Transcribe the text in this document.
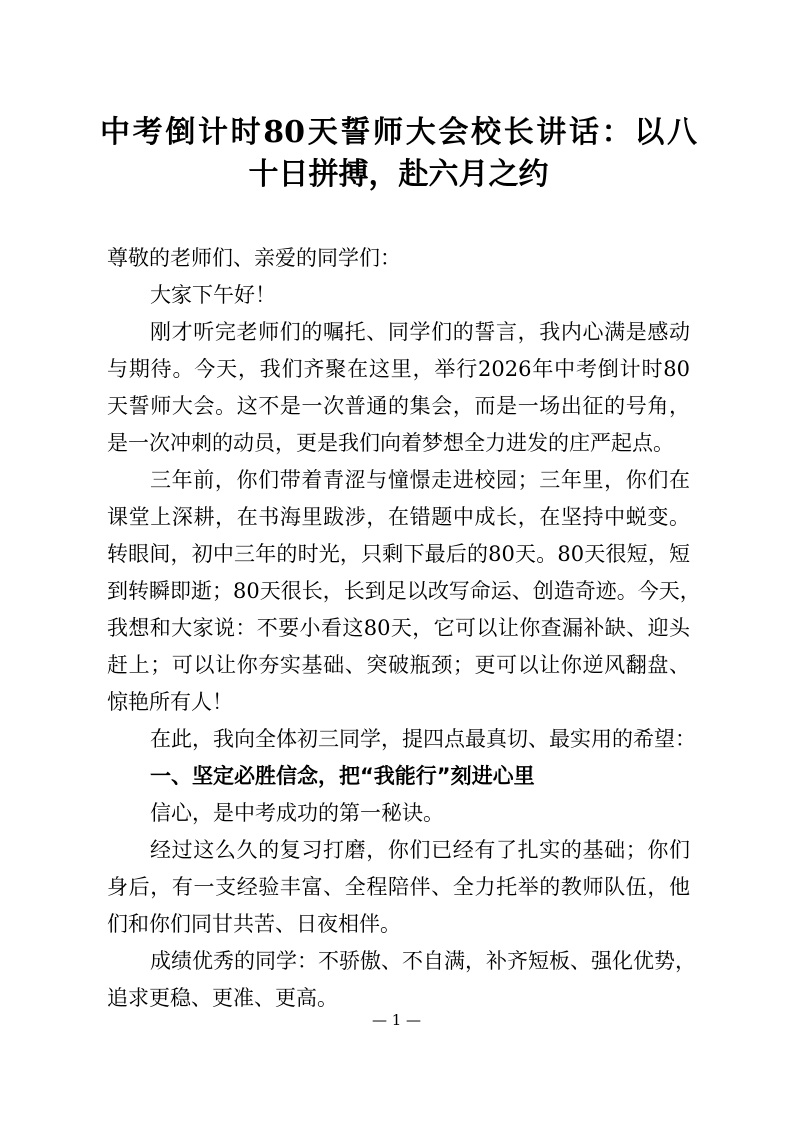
中考倒计时80天誓师大会校长讲话：以八
十日拼搏，赴六月之约
尊敬的老师们、亲爱的同学们：
大家下午好！
刚才听完老师们的嘱托、同学们的誓言，我内心满是感动
与期待。今天，我们齐聚在这里，举行2026年中考倒计时80
天誓师大会。这不是一次普通的集会，而是一场出征的号角，
是一次冲刺的动员，更是我们向着梦想全力进发的庄严起点。
三年前，你们带着青涩与憧憬走进校园；三年里，你们在
课堂上深耕，在书海里跋涉，在错题中成长，在坚持中蜕变。
转眼间，初中三年的时光，只剩下最后的80天。80天很短，短
到转瞬即逝；80天很长，长到足以改写命运、创造奇迹。今天，
我想和大家说：不要小看这80天，它可以让你查漏补缺、迎头
赶上；可以让你夯实基础、突破瓶颈；更可以让你逆风翻盘、
惊艳所有人！
在此，我向全体初三同学，提四点最真切、最实用的希望：
一、坚定必胜信念，把“我能行”刻进心里
信心，是中考成功的第一秘诀。
经过这么久的复习打磨，你们已经有了扎实的基础；你们
身后，有一支经验丰富、全程陪伴、全力托举的教师队伍，他
们和你们同甘共苦、日夜相伴。
成绩优秀的同学：不骄傲、不自满，补齐短板、强化优势，
追求更稳、更准、更高。
— 1 —
